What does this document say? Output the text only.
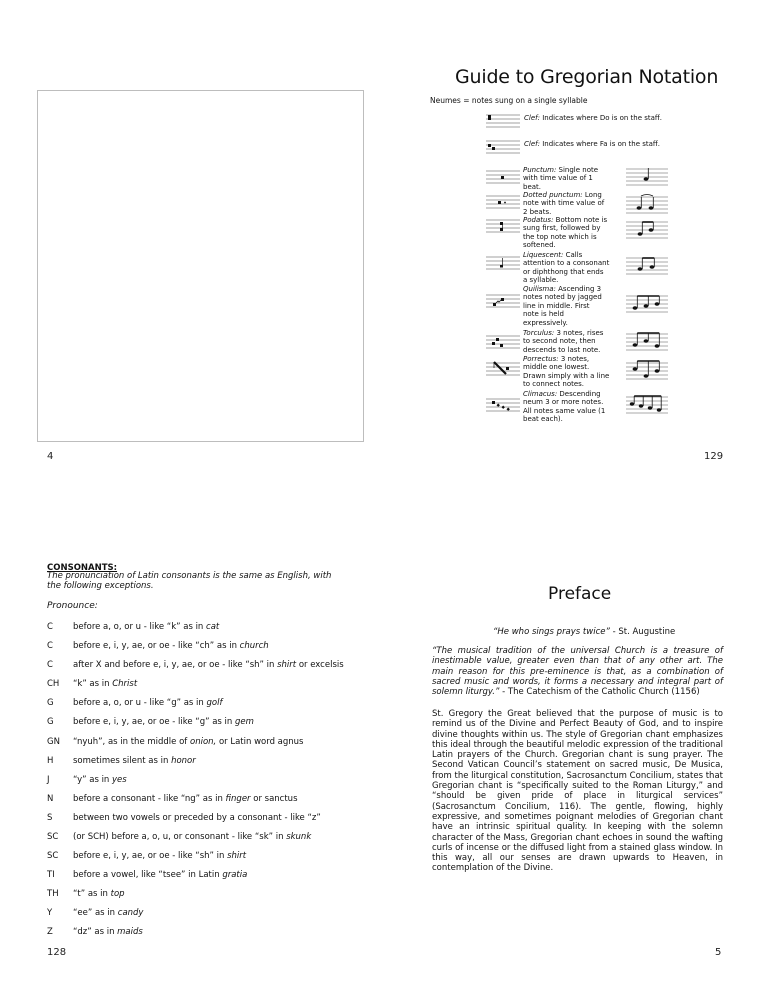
4
Guide to Gregorian Notation
Neumes = notes sung on a single syllable
Clef: Indicates where Do is on the staff.
Clef: Indicates where Fa is on the staff.
Punctum: Single note
with time value of 1
beat.
Dotted punctum: Long
note with time value of
2 beats.
Podatus: Bottom note is
sung first, followed by
the top note which is
softened.
Liquescent: Calls
attention to a consonant
or diphthong that ends
a syllable.
Quilisma: Ascending 3
notes noted by jagged
line in middle. First
note is held
expressively.
Torculus: 3 notes, rises
to second note, then
descends to last note.
Porrectus: 3 notes,
middle one lowest.
Drawn simply with a line
to connect notes.
Climacus: Descending
neum 3 or more notes.
All notes same value (1
beat each).
129
CONSONANTS:
The pronunciation of Latin consonants is the same as English, with the following exceptions.
Pronounce:
C before a, o, or u - like “k” as in cat
C before e, i, y, ae, or oe - like “ch” as in church
C after X and before e, i, y, ae, or oe - like “sh” in shirt or excelsis
CH “k” as in Christ
G before a, o, or u - like “g” as in golf
G before e, i, y, ae, or oe - like “g” as in gem
GN “nyuh”, as in the middle of onion, or Latin word agnus
H sometimes silent as in honor
J	“y” as in yes
N before a consonant - like “ng” as in finger or sanctus
S between two vowels or preceded by a consonant - like “z”
SC (or SCH) before a, o, u, or consonant - like “sk” in skunk
SC before e, i, y, ae, or oe - like “sh” in shirt
TI before a vowel, like “tsee” in Latin gratia
TH “t” as in top
Y “ee” as in candy
Z “dz” as in maids
128
Preface
“He who sings prays twice” - St. Augustine
“The musical tradition of the universal Church is a treasure of inestimable value, greater even than that of any other art. The main reason for this pre-eminence is that, as a combination of sacred music and words, it forms a necessary and integral part of solemn liturgy.” - The Catechism of the Catholic Church (1156)
St. Gregory the Great believed that the purpose of music is to remind us of the Divine and Perfect Beauty of God, and to inspire divine thoughts within us. The style of Gregorian chant emphasizes this ideal through the beautiful melodic expression of the traditional Latin prayers of the Church. Gregorian chant is sung prayer. The Second Vatican Council’s statement on sacred music, De Musica, from the liturgical constitution, Sacrosanctum Concilium, states that Gregorian chant is “specifically suited to the Roman Liturgy,” and “should be given pride of place in liturgical services” (Sacrosanctum Concilium, 116). The gentle, flowing, highly expressive, and sometimes poignant melodies of Gregorian chant have an intrinsic spiritual quality. In keeping with the solemn character of the Mass, Gregorian chant echoes in sound the wafting curls of incense or the diffused light from a stained glass window. In this way, all our senses are drawn upwards to Heaven, in contemplation of the Divine.
5
